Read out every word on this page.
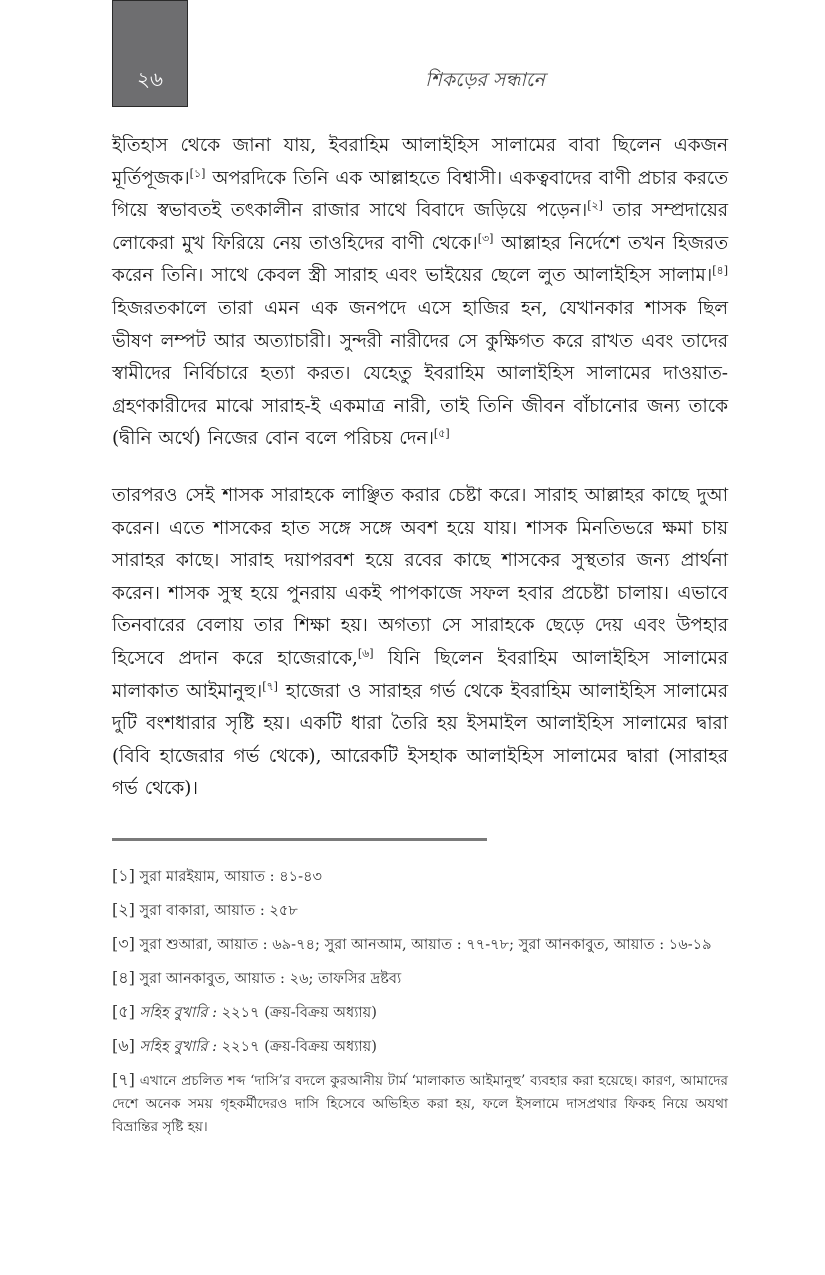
২৬	শিকড়ের সন্ধানে

ইতিহাস থেকে জানা যায়, ইবরাহিম আলাইহিস সালামের বাবা ছিলেন একজন মূর্তিপূজক।[১] অপরদিকে তিনি এক আল্লাহতে বিশ্বাসী। একত্ববাদের বাণী প্রচার করতে গিয়ে স্বভাবতই তৎকালীন রাজার সাথে বিবাদে জড়িয়ে পড়েন।[২] তার সম্প্রদায়ের লোকেরা মুখ ফিরিয়ে নেয় তাওহিদের বাণী থেকে।[৩] আল্লাহর নির্দেশে তখন হিজরত করেন তিনি। সাথে কেবল স্ত্রী সারাহ এবং ভাইয়ের ছেলে লুত আলাইহিস সালাম।[৪] হিজরতকালে তারা এমন এক জনপদে এসে হাজির হন, যেখানকার শাসক ছিল ভীষণ লম্পট আর অত্যাচারী। সুন্দরী নারীদের সে কুক্ষিগত করে রাখত এবং তাদের স্বামীদের নির্বিচারে হত্যা করত। যেহেতু ইবরাহিম আলাইহিস সালামের দাওয়াত-গ্রহণকারীদের মাঝে সারাহ-ই একমাত্র নারী, তাই তিনি জীবন বাঁচানোর জন্য তাকে (দ্বীনি অর্থে) নিজের বোন বলে পরিচয় দেন।[৫]

তারপরও সেই শাসক সারাহকে লাঞ্ছিত করার চেষ্টা করে। সারাহ আল্লাহর কাছে দুআ করেন। এতে শাসকের হাত সঙ্গে সঙ্গে অবশ হয়ে যায়। শাসক মিনতিভরে ক্ষমা চায় সারাহর কাছে। সারাহ দয়াপরবশ হয়ে রবের কাছে শাসকের সুস্থতার জন্য প্রার্থনা করেন। শাসক সুস্থ হয়ে পুনরায় একই পাপকাজে সফল হবার প্রচেষ্টা চালায়। এভাবে তিনবারের বেলায় তার শিক্ষা হয়। অগত্যা সে সারাহকে ছেড়ে দেয় এবং উপহার হিসেবে প্রদান করে হাজেরাকে,[৬] যিনি ছিলেন ইবরাহিম আলাইহিস সালামের মালাকাত আইমানুহু।[৭] হাজেরা ও সারাহর গর্ভ থেকে ইবরাহিম আলাইহিস সালামের দুটি বংশধারার সৃষ্টি হয়। একটি ধারা তৈরি হয় ইসমাইল আলাইহিস সালামের দ্বারা (বিবি হাজেরার গর্ভ থেকে), আরেকটি ইসহাক আলাইহিস সালামের দ্বারা (সারাহর গর্ভ থেকে)।

[১] সুরা মারইয়াম, আয়াত : ৪১-৪৩

[২] সুরা বাকারা, আয়াত : ২৫৮

[৩] সুরা শুআরা, আয়াত : ৬৯-৭৪; সুরা আনআম, আয়াত : ৭৭-৭৮; সুরা আনকাবুত, আয়াত : ১৬-১৯

[৪] সুরা আনকাবুত, আয়াত : ২৬; তাফসির দ্রষ্টব্য

[৫] সহিহ বুখারি : ২২১৭ (ক্রয়-বিক্রয় অধ্যায়)

[৬] সহিহ বুখারি : ২২১৭ (ক্রয়-বিক্রয় অধ্যায়)

[৭] এখানে প্রচলিত শব্দ ‘দাসি’র বদলে কুরআনীয় টার্ম ‘মালাকাত আইমানুহু’ ব্যবহার করা হয়েছে। কারণ, আমাদের দেশে অনেক সময় গৃহকর্মীদেরও দাসি হিসেবে অভিহিত করা হয়, ফলে ইসলামে দাসপ্রথার ফিকহ নিয়ে অযথা বিভ্রান্তির সৃষ্টি হয়।
